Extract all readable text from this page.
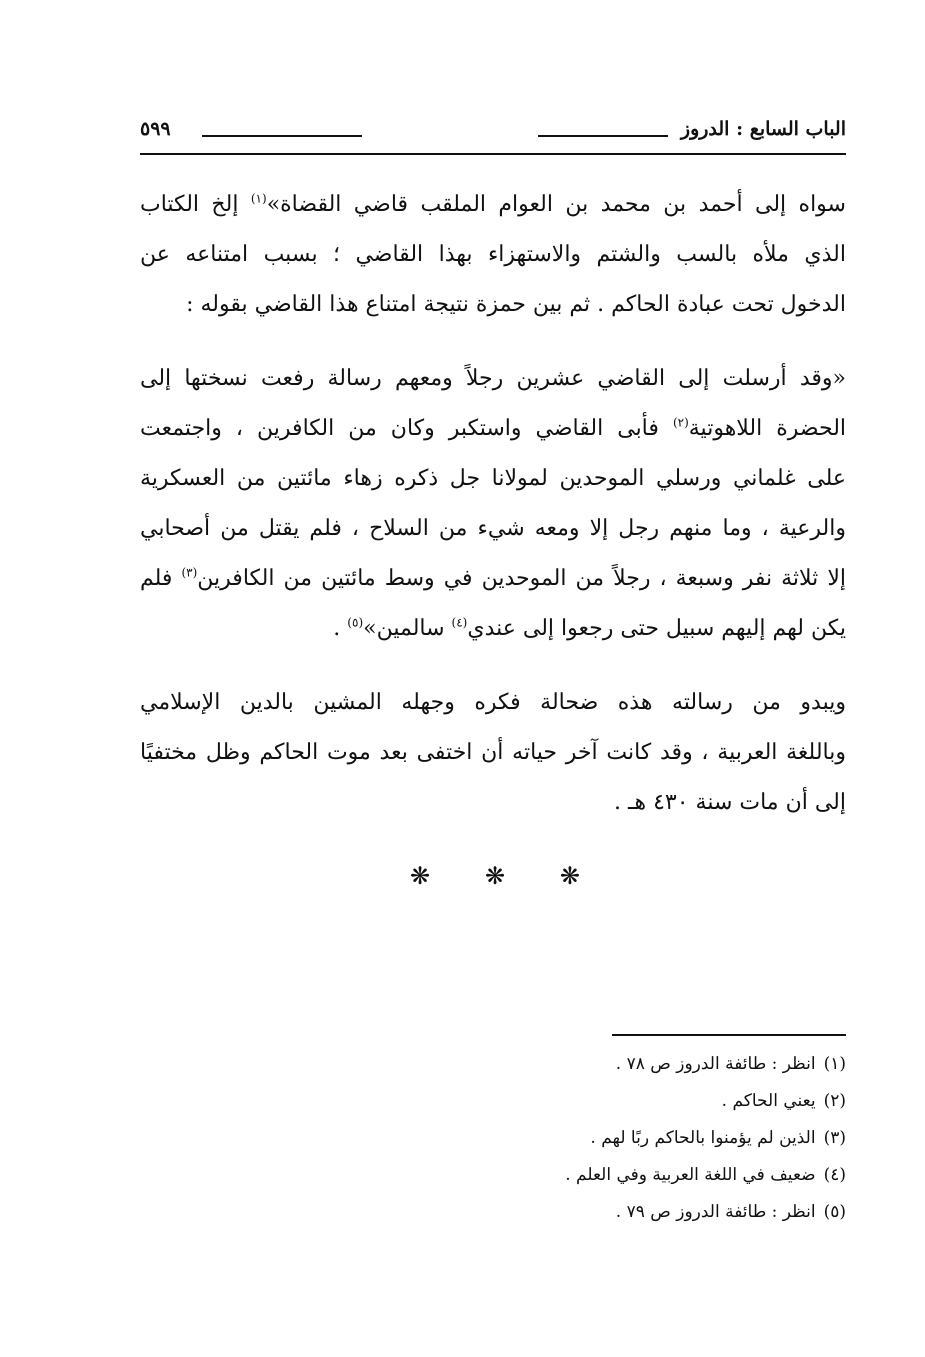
الباب السابع : الدروز
٥٩٩

سواه إلى أحمد بن محمد بن العوام الملقب قاضي القضاة»$^{(١)}$ إلخ الكتاب
الذي ملأه بالسب والشتم والاستهزاء بهذا القاضي ؛ بسبب امتناعه عن
الدخول تحت عبادة الحاكم . ثم بين حمزة نتيجة امتناع هذا القاضي بقوله :

«وقد أرسلت إلى القاضي عشرين رجلاً ومعهم رسالة رفعت نسختها إلى
الحضرة اللاهوتية$^{(٢)}$ فأبى القاضي واستكبر وكان من الكافرين ، واجتمعت
على غلماني ورسلي الموحدين لمولانا جل ذكره زهاء مائتين من العسكرية
والرعية ، وما منهم رجل إلا ومعه شيء من السلاح ، فلم يقتل من أصحابي
إلا ثلاثة نفر وسبعة ، رجلاً من الموحدين في وسط مائتين من الكافرين$^{(٣)}$ فلم
يكن لهم إليهم سبيل حتى رجعوا إلى عندي$^{(٤)}$ سالمين»$^{(٥)}$ .

ويبدو من رسالته هذه ضحالة فكره وجهله المشين بالدين الإسلامي
وباللغة العربية ، وقد كانت آخر حياته أن اختفى بعد موت الحاكم وظل مختفيًا
إلى أن مات سنة ٤٣٠ هـ .

❋ ❋ ❋
(١)انظر : طائفة الدروز ص ٧٨ .
(٢)يعني الحاكم .
(٣)الذين لم يؤمنوا بالحاكم ربًا لهم .
(٤)ضعيف في اللغة العربية وفي العلم .
(٥)انظر : طائفة الدروز ص ٧٩ .
